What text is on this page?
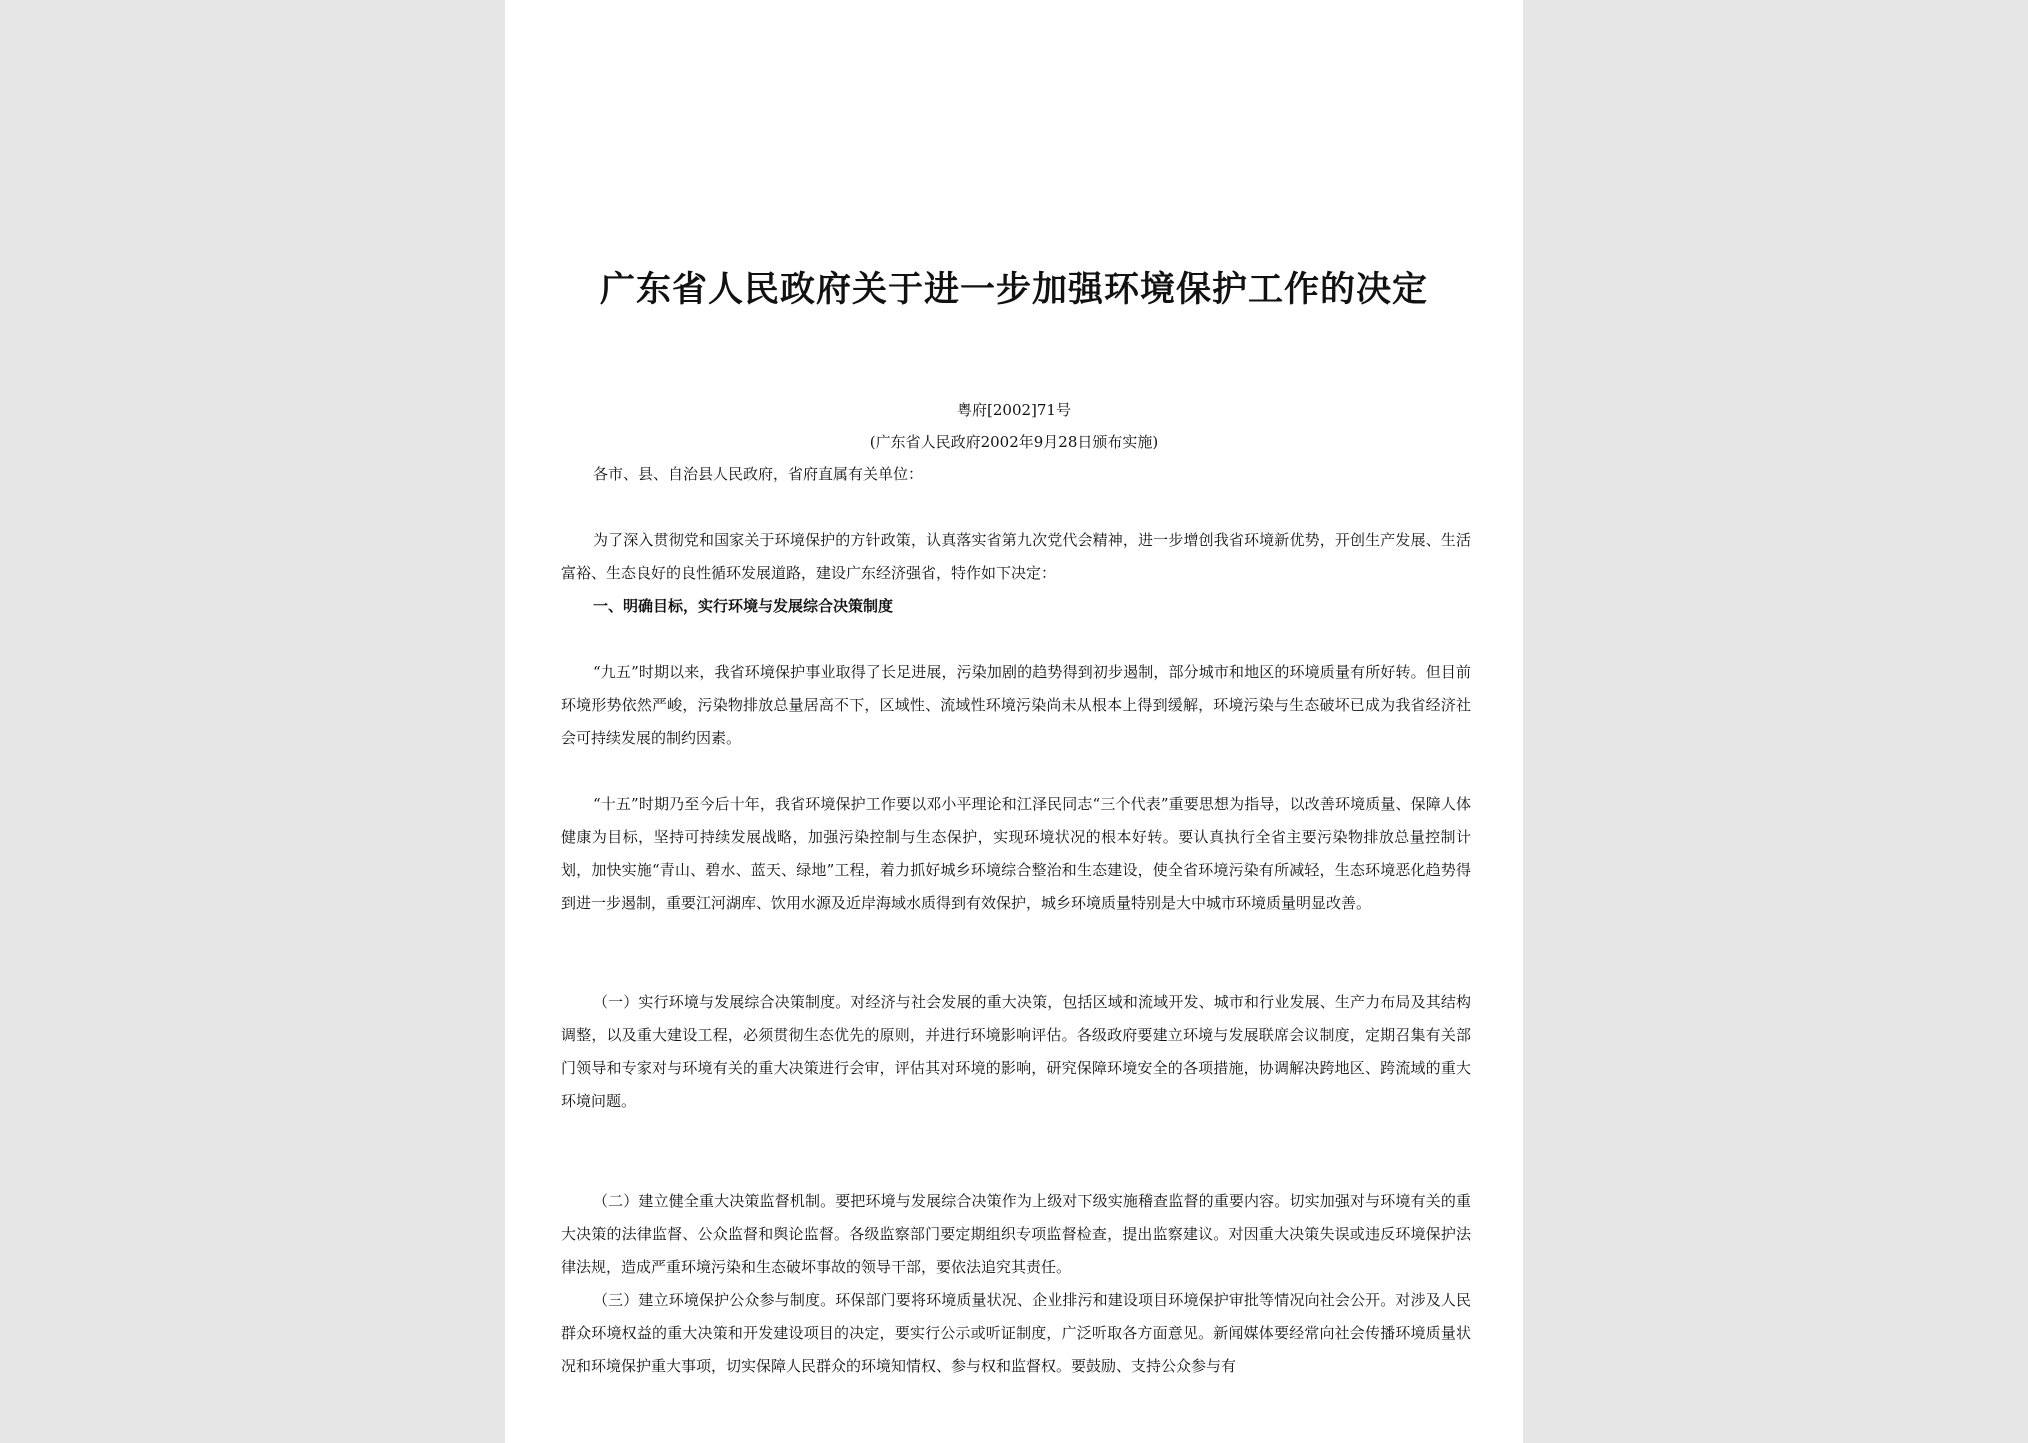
广东省人民政府关于进一步加强环境保护工作的决定
粤府[2002]71号
(广东省人民政府2002年9月28日颁布实施)
各市、县、自治县人民政府，省府直属有关单位：
为了深入贯彻党和国家关于环境保护的方针政策，认真落实省第九次党代会精神，进一步增创我省环境新优势，开创生产发展、生活富裕、生态良好的良性循环发展道路，建设广东经济强省，特作如下决定：
一、明确目标，实行环境与发展综合决策制度
“九五”时期以来，我省环境保护事业取得了长足进展，污染加剧的趋势得到初步遏制，部分城市和地区的环境质量有所好转。但目前环境形势依然严峻，污染物排放总量居高不下，区域性、流域性环境污染尚未从根本上得到缓解，环境污染与生态破坏已成为我省经济社会可持续发展的制约因素。
“十五”时期乃至今后十年，我省环境保护工作要以邓小平理论和江泽民同志“三个代表”重要思想为指导，以改善环境质量、保障人体健康为目标，坚持可持续发展战略，加强污染控制与生态保护，实现环境状况的根本好转。要认真执行全省主要污染物排放总量控制计划，加快实施“青山、碧水、蓝天、绿地”工程，着力抓好城乡环境综合整治和生态建设，使全省环境污染有所减轻，生态环境恶化趋势得到进一步遏制，重要江河湖库、饮用水源及近岸海域水质得到有效保护，城乡环境质量特别是大中城市环境质量明显改善。
（一）实行环境与发展综合决策制度。对经济与社会发展的重大决策，包括区域和流域开发、城市和行业发展、生产力布局及其结构调整，以及重大建设工程，必须贯彻生态优先的原则，并进行环境影响评估。各级政府要建立环境与发展联席会议制度，定期召集有关部门领导和专家对与环境有关的重大决策进行会审，评估其对环境的影响，研究保障环境安全的各项措施，协调解决跨地区、跨流域的重大环境问题。
（二）建立健全重大决策监督机制。要把环境与发展综合决策作为上级对下级实施稽查监督的重要内容。切实加强对与环境有关的重大决策的法律监督、公众监督和舆论监督。各级监察部门要定期组织专项监督检查，提出监察建议。对因重大决策失误或违反环境保护法律法规，造成严重环境污染和生态破坏事故的领导干部，要依法追究其责任。
（三）建立环境保护公众参与制度。环保部门要将环境质量状况、企业排污和建设项目环境保护审批等情况向社会公开。对涉及人民群众环境权益的重大决策和开发建设项目的决定，要实行公示或听证制度，广泛听取各方面意见。新闻媒体要经常向社会传播环境质量状况和环境保护重大事项，切实保障人民群众的环境知情权、参与权和监督权。要鼓励、支持公众参与有
